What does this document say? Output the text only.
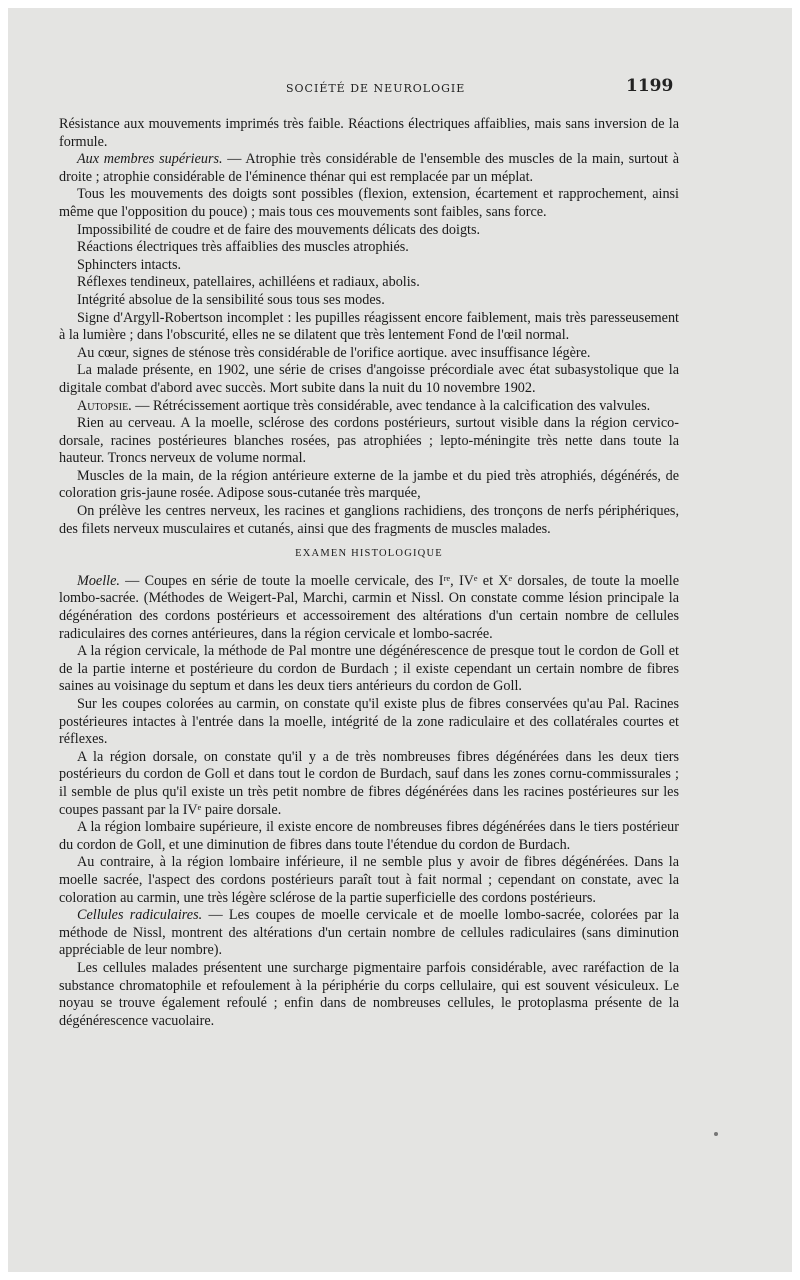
SOCIÉTÉ DE NEUROLOGIE	1199

Résistance aux mouvements imprimés très faible. Réactions électriques affaiblies, mais sans inversion de la formule.

Aux membres supérieurs. — Atrophie très considérable de l'ensemble des muscles de la main, surtout à droite ; atrophie considérable de l'éminence thénar qui est remplacée par un méplat.

Tous les mouvements des doigts sont possibles (flexion, extension, écartement et rapprochement, ainsi même que l'opposition du pouce) ; mais tous ces mouvements sont faibles, sans force.

Impossibilité de coudre et de faire des mouvements délicats des doigts.

Réactions électriques très affaiblies des muscles atrophiés.

Sphincters intacts.

Réflexes tendineux, patellaires, achilléens et radiaux, abolis.

Intégrité absolue de la sensibilité sous tous ses modes.

Signe d'Argyll-Robertson incomplet : les pupilles réagissent encore faiblement, mais très paresseusement à la lumière ; dans l'obscurité, elles ne se dilatent que très lentement Fond de l'œil normal.

Au cœur, signes de sténose très considérable de l'orifice aortique. avec insuffisance légère.

La malade présente, en 1902, une série de crises d'angoisse précordiale avec état subasystolique que la digitale combat d'abord avec succès. Mort subite dans la nuit du 10 novembre 1902.

Autopsie. — Rétrécissement aortique très considérable, avec tendance à la calcification des valvules.

Rien au cerveau. A la moelle, sclérose des cordons postérieurs, surtout visible dans la région cervico-dorsale, racines postérieures blanches rosées, pas atrophiées ; lepto-méningite très nette dans toute la hauteur. Troncs nerveux de volume normal.

Muscles de la main, de la région antérieure externe de la jambe et du pied très atrophiés, dégénérés, de coloration gris-jaune rosée. Adipose sous-cutanée très marquée,

On prélève les centres nerveux, les racines et ganglions rachidiens, des tronçons de nerfs périphériques, des filets nerveux musculaires et cutanés, ainsi que des fragments de muscles malades.

EXAMEN HISTOLOGIQUE

Moelle. — Coupes en série de toute la moelle cervicale, des Iʳᵉ, IVᵉ et Xᵉ dorsales, de toute la moelle lombo-sacrée. (Méthodes de Weigert-Pal, Marchi, carmin et Nissl. On constate comme lésion principale la dégénération des cordons postérieurs et accessoirement des altérations d'un certain nombre de cellules radiculaires des cornes antérieures, dans la région cervicale et lombo-sacrée.

A la région cervicale, la méthode de Pal montre une dégénérescence de presque tout le cordon de Goll et de la partie interne et postérieure du cordon de Burdach ; il existe cependant un certain nombre de fibres saines au voisinage du septum et dans les deux tiers antérieurs du cordon de Goll.

Sur les coupes colorées au carmin, on constate qu'il existe plus de fibres conservées qu'au Pal. Racines postérieures intactes à l'entrée dans la moelle, intégrité de la zone radiculaire et des collatérales courtes et réflexes.

A la région dorsale, on constate qu'il y a de très nombreuses fibres dégénérées dans les deux tiers postérieurs du cordon de Goll et dans tout le cordon de Burdach, sauf dans les zones cornu-commissurales ; il semble de plus qu'il existe un très petit nombre de fibres dégénérées dans les racines postérieures sur les coupes passant par la IVᵉ paire dorsale.

A la région lombaire supérieure, il existe encore de nombreuses fibres dégénérées dans le tiers postérieur du cordon de Goll, et une diminution de fibres dans toute l'étendue du cordon de Burdach.

Au contraire, à la région lombaire inférieure, il ne semble plus y avoir de fibres dégénérées. Dans la moelle sacrée, l'aspect des cordons postérieurs paraît tout à fait normal ; cependant on constate, avec la coloration au carmin, une très légère sclérose de la partie superficielle des cordons postérieurs.

Cellules radiculaires. — Les coupes de moelle cervicale et de moelle lombo-sacrée, colorées par la méthode de Nissl, montrent des altérations d'un certain nombre de cellules radiculaires (sans diminution appréciable de leur nombre).

Les cellules malades présentent une surcharge pigmentaire parfois considérable, avec raréfaction de la substance chromatophile et refoulement à la périphérie du corps cellulaire, qui est souvent vésiculeux. Le noyau se trouve également refoulé ; enfin dans de nombreuses cellules, le protoplasma présente de la dégénérescence vacuolaire.
